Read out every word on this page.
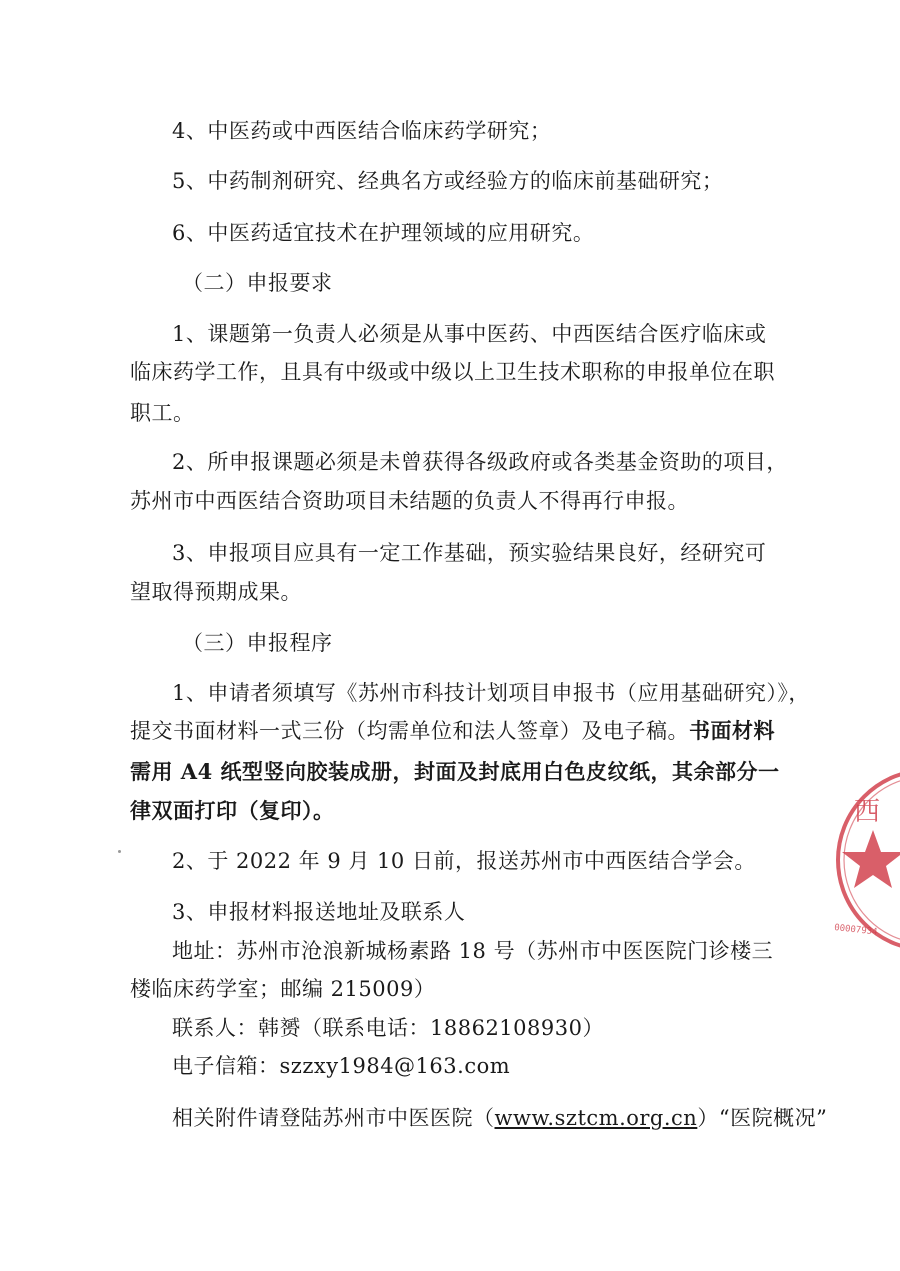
4、中医药或中西医结合临床药学研究；
5、中药制剂研究、经典名方或经验方的临床前基础研究；
6、中医药适宜技术在护理领域的应用研究。
（二）申报要求
1、课题第一负责人必须是从事中医药、中西医结合医疗临床或
临床药学工作，且具有中级或中级以上卫生技术职称的申报单位在职
职工。
2、所申报课题必须是未曾获得各级政府或各类基金资助的项目，
苏州市中西医结合资助项目未结题的负责人不得再行申报。
3、申报项目应具有一定工作基础，预实验结果良好，经研究可
望取得预期成果。
（三）申报程序
1、申请者须填写《苏州市科技计划项目申报书（应用基础研究）》，
提交书面材料一式三份（均需单位和法人签章）及电子稿。书面材料
需用 A4 纸型竖向胶装成册，封面及封底用白色皮纹纸，其余部分一
律双面打印（复印）。
2、于 2022 年 9 月 10 日前，报送苏州市中西医结合学会。
3、申报材料报送地址及联系人
地址：苏州市沧浪新城杨素路 18 号（苏州市中医医院门诊楼三
楼临床药学室；邮编 215009）
联系人：韩赟（联系电话：18862108930）
电子信箱：szzxy1984@163.com
相关附件请登陆苏州市中医医院（www.sztcm.org.cn）“医院概况”
西
00007934
